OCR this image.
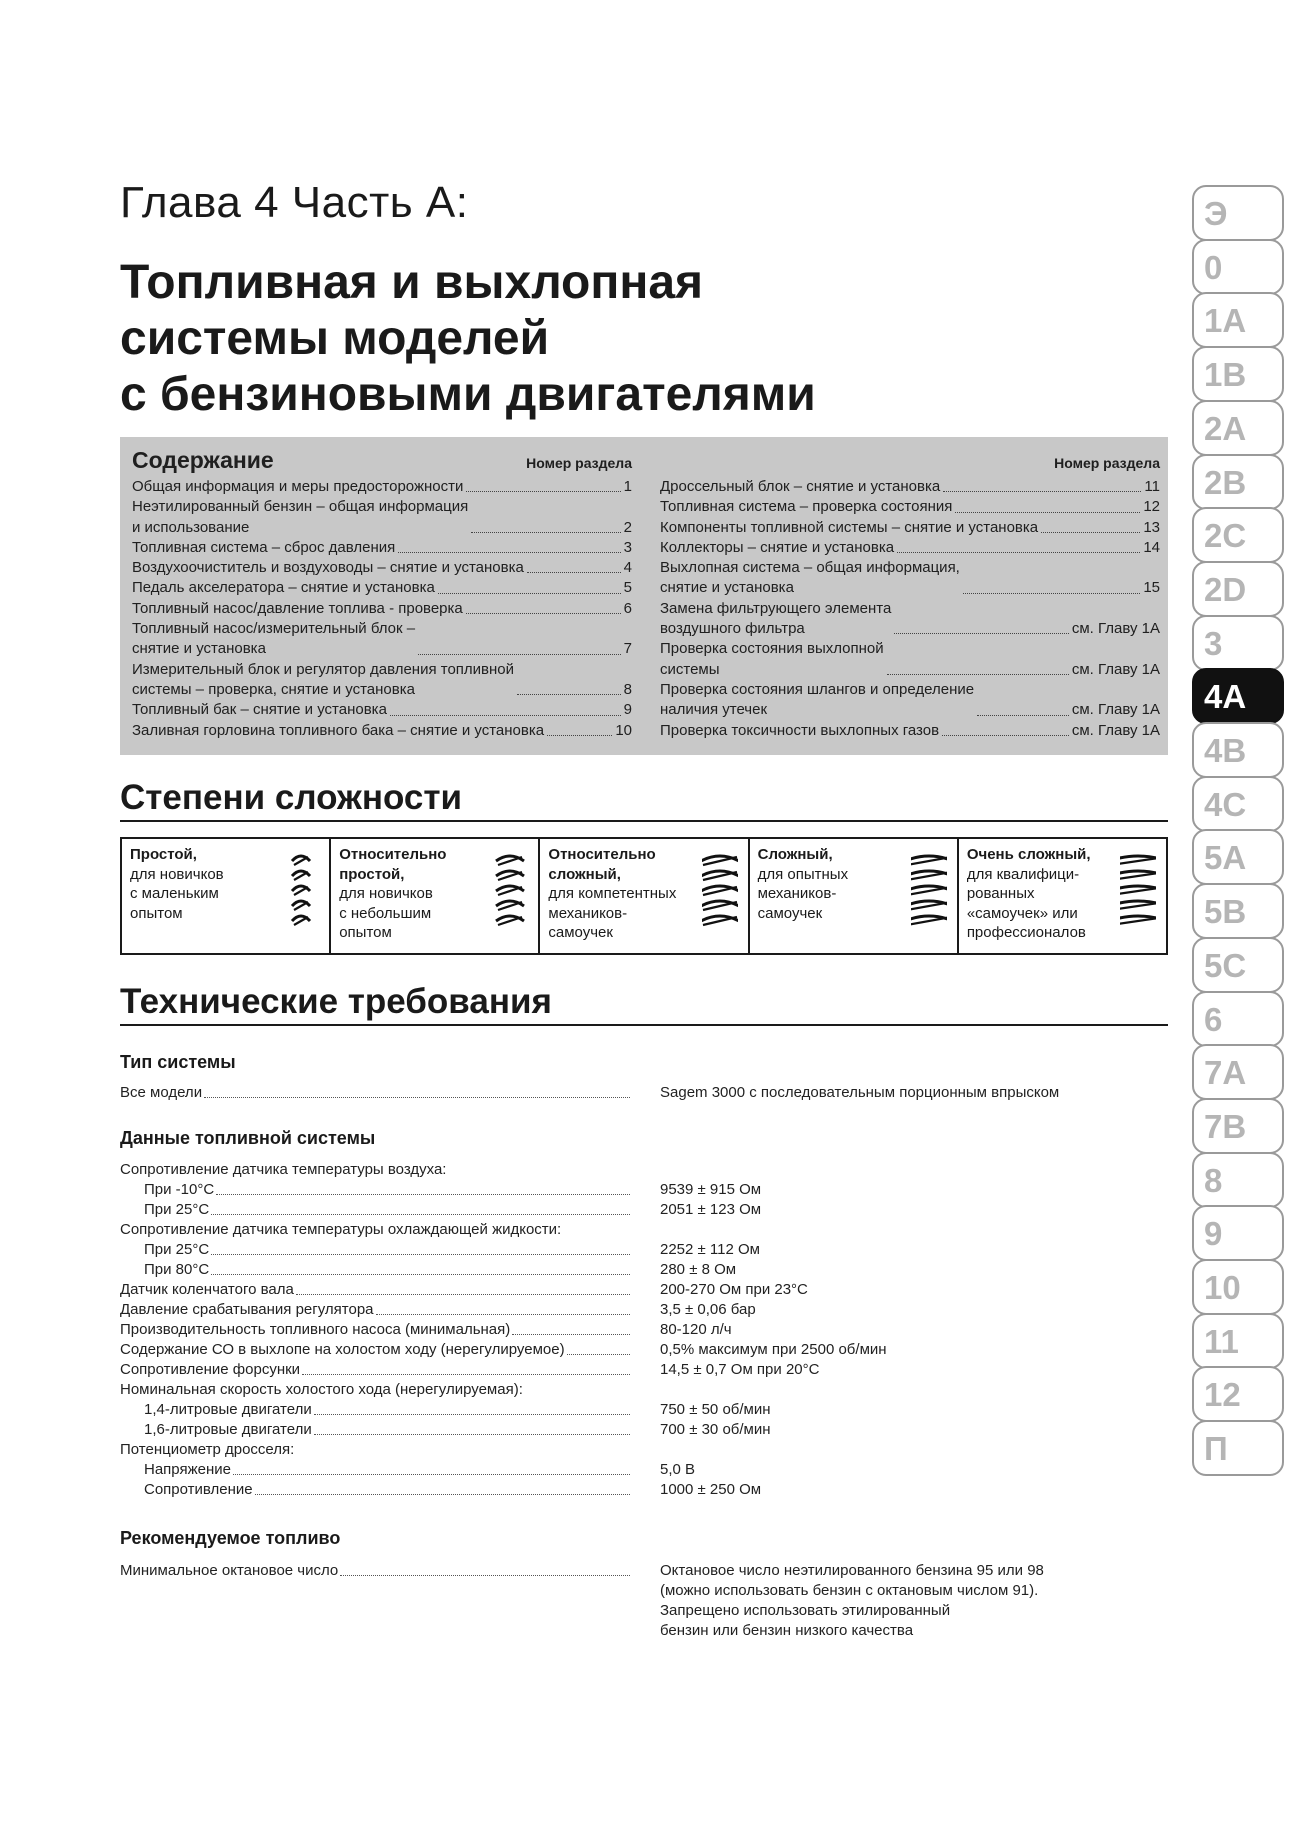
Глава 4 Часть А:
Топливная и выхлопная
системы моделей
с бензиновыми двигателями
Содержание	Номер раздела
Общая информация и меры предосторожности	1
Неэтилированный бензин – общая информация
и использование	2
Топливная система – сброс давления	3
Воздухоочиститель и воздуховоды – снятие и установка	4
Педаль акселератора – снятие и установка	5
Топливный насос/давление топлива - проверка	6
Топливный насос/измерительный блок –
снятие и установка	7
Измерительный блок и регулятор давления топливной
системы – проверка, снятие и установка	8
Топливный бак – снятие и установка	9
Заливная горловина топливного бака – снятие и установка	10
Номер раздела
Дроссельный блок – снятие и установка	11
Топливная система – проверка состояния	12
Компоненты топливной системы – снятие и установка	13
Коллекторы – снятие и установка	14
Выхлопная система – общая информация,
снятие и установка	15
Замена фильтрующего элемента
воздушного фильтра	см. Главу 1А
Проверка состояния выхлопной
системы	см. Главу 1А
Проверка состояния шлангов и определение
наличия утечек	см. Главу 1А
Проверка токсичности выхлопных газов	см. Главу 1А
Степени сложности
Простой,
для новичков
с маленьким
опытом
Относительно
простой,
для новичков
с небольшим
опытом
Относительно
сложный,
для компетентных
механиков-
самоучек
Сложный,
для опытных
механиков-
самоучек
Очень сложный,
для квалифици-
рованных
«самоучек» или
профессионалов
Технические требования
Тип системы
Все модели	Sagem 3000 с последовательным порционным впрыском
Данные топливной системы
Сопротивление датчика температуры воздуха:
При -10°С	9539 ± 915 Ом
При 25°С	2051 ± 123 Ом
Сопротивление датчика температуры охлаждающей жидкости:
При 25°С	2252 ± 112 Ом
При 80°С	280 ± 8 Ом
Датчик коленчатого вала	200-270 Ом при 23°С
Давление срабатывания регулятора	3,5 ± 0,06 бар
Производительность топливного насоса (минимальная)	80-120 л/ч
Содержание СО в выхлопе на холостом ходу (нерегулируемое)	0,5% максимум при 2500 об/мин
Сопротивление форсунки	14,5 ± 0,7 Ом при 20°С
Номинальная скорость холостого хода (нерегулируемая):
1,4-литровые двигатели	750 ± 50 об/мин
1,6-литровые двигатели	700 ± 30 об/мин
Потенциометр дросселя:
Напряжение	5,0 В
Сопротивление	1000 ± 250 Ом
Рекомендуемое топливо
Минимальное октановое число	Октановое число неэтилированного бензина 95 или 98
(можно использовать бензин с октановым числом 91).
Запрещено использовать этилированный
бензин или бензин низкого качества
Э
0
1А
1В
2А
2В
2С
2D
3
4А
4В
4С
5А
5В
5С
6
7А
7В
8
9
10
11
12
П
